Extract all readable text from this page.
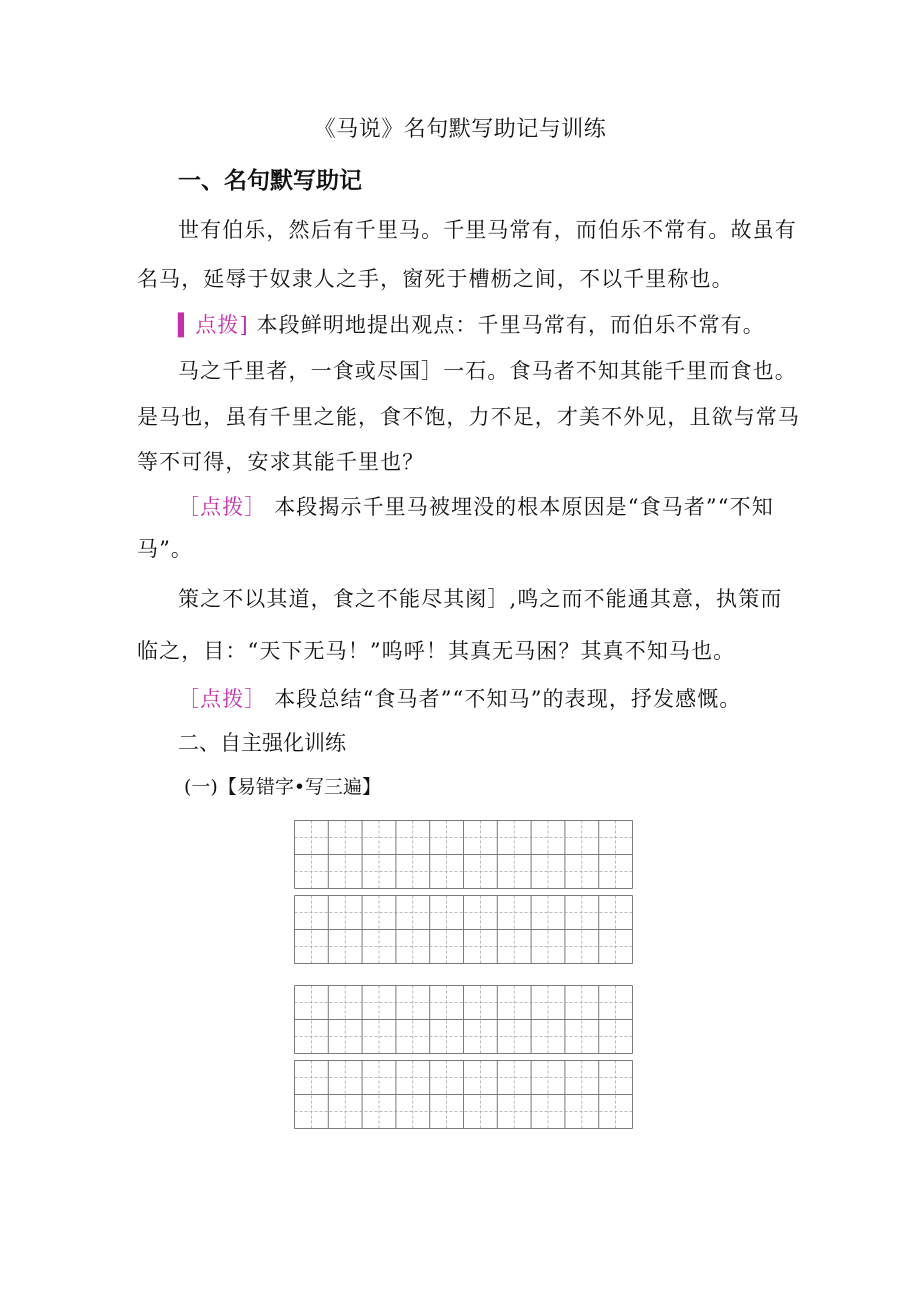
《马说》名句默写助记与训练
一、名句默写助记
世有伯乐，然后有千里马。千里马常有，而伯乐不常有。故虽有
名马，延辱于奴隶人之手，窗死于槽枥之间，不以千里称也。
▍点拨] 本段鲜明地提出观点：千里马常有，而伯乐不常有。
马之千里者，一食或尽国］一石。食马者不知其能千里而食也。
是马也，虽有千里之能，食不饱，力不足，才美不外见，且欲与常马
等不可得，安求其能千里也？
［点拨］ 本段揭示千里马被埋没的根本原因是“食马者”“不知
马”。
策之不以其道，食之不能尽其阂］,鸣之而不能通其意，执策而
临之，目：“天下无马！”呜呼！其真无马困？其真不知马也。
［点拨］ 本段总结“食马者”“不知马”的表现，抒发感慨。
二、自主强化训练
(一)【易错字•写三遍】
